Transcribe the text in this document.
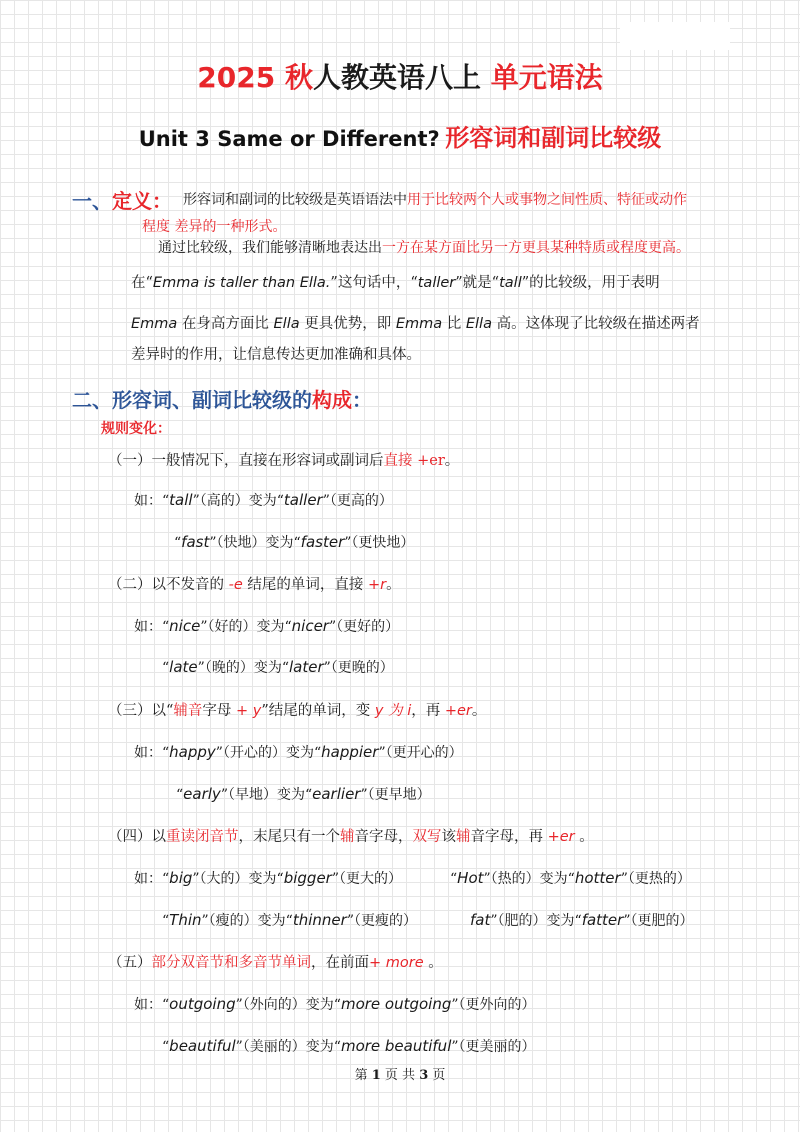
2025 秋人教英语八上 单元语法
Unit 3 Same or Different? 形容词和副词比较级
一、定义： 形容词和副词的比较级是英语语法中用于比较两个人或事物之间性质、特征或动作
程度 差异的一种形式。
通过比较级，我们能够清晰地表达出一方在某方面比另一方更具某种特质或程度更高。
在“Emma is taller than Ella.”这句话中，“taller”就是“tall”的比较级，用于表明
Emma 在身高方面比 Ella 更具优势，即 Emma 比 Ella 高。这体现了比较级在描述两者
差异时的作用，让信息传达更加准确和具体。
二、形容词、副词比较级的构成：
规则变化：
（一）一般情况下，直接在形容词或副词后直接 +er。
如：“tall”（高的）变为“taller”（更高的）
“fast”（快地）变为“faster”（更快地）
（二）以不发音的 -e 结尾的单词，直接 +r。
如：“nice”（好的）变为“nicer”（更好的）
“late”（晚的）变为“later”（更晚的）
（三）以“辅音字母 + y”结尾的单词，变 y 为 i，再 +er。
如：“happy”（开心的）变为“happier”（更开心的）
“early”（早地）变为“earlier”（更早地）
（四）以重读闭音节，末尾只有一个辅音字母，双写该辅音字母，再 +er 。
如：“big”（大的）变为“bigger”（更大的）	“Hot”（热的）变为“hotter”（更热的）
“Thin”（瘦的）变为“thinner”（更瘦的）	fat”（肥的）变为“fatter”（更肥的）
（五）部分双音节和多音节单词，在前面+ more 。
如：“outgoing”（外向的）变为“more outgoing”（更外向的）
“beautiful”（美丽的）变为“more beautiful”（更美丽的）
第 1 页 共 3 页
